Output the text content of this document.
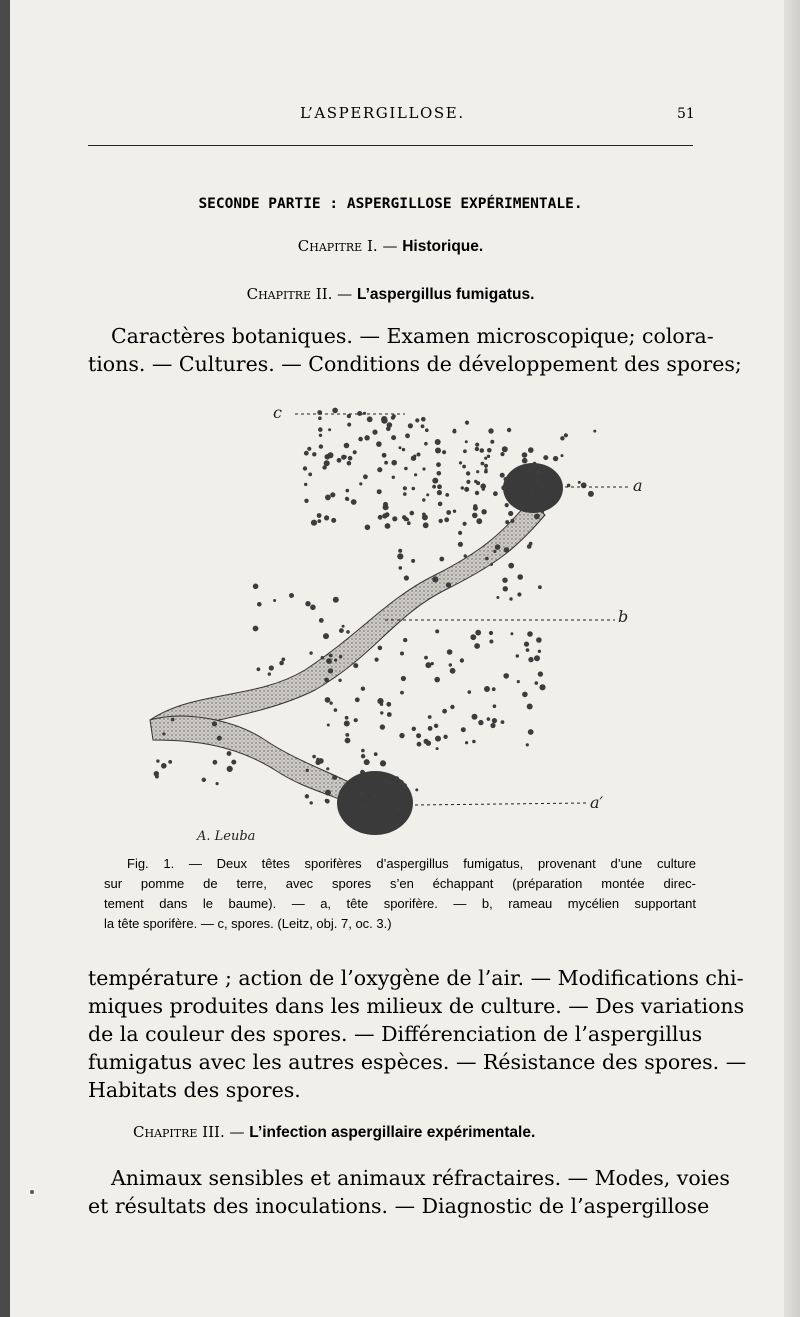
L’ASPERGILLOSE.	51
SECONDE PARTIE : ASPERGILLOSE EXPÉRIMENTALE.
Chapitre I. — Historique.
Chapitre II. — L’aspergillus fumigatus.
Caractères botaniques. — Examen microscopique; colora-
tions. — Cultures. — Conditions de développement des spores;
c
a
b
a′
A. Leuba
Fig. 1. — Deux têtes sporifères d’aspergillus fumigatus, provenant d’une culture
sur pomme de terre, avec spores s’en échappant (préparation montée direc-
tement dans le baume). — a, tête sporifère. — b, rameau mycélien supportant
la tête sporifère. — c, spores. (Leitz, obj. 7, oc. 3.)
température ; action de l’oxygène de l’air. — Modifications chi-
miques produites dans les milieux de culture. — Des variations
de la couleur des spores. — Différenciation de l’aspergillus
fumigatus avec les autres espèces. — Résistance des spores. —
Habitats des spores.
Chapitre III. — L’infection aspergillaire expérimentale.
Animaux sensibles et animaux réfractaires. — Modes, voies
et résultats des inoculations. — Diagnostic de l’aspergillose
